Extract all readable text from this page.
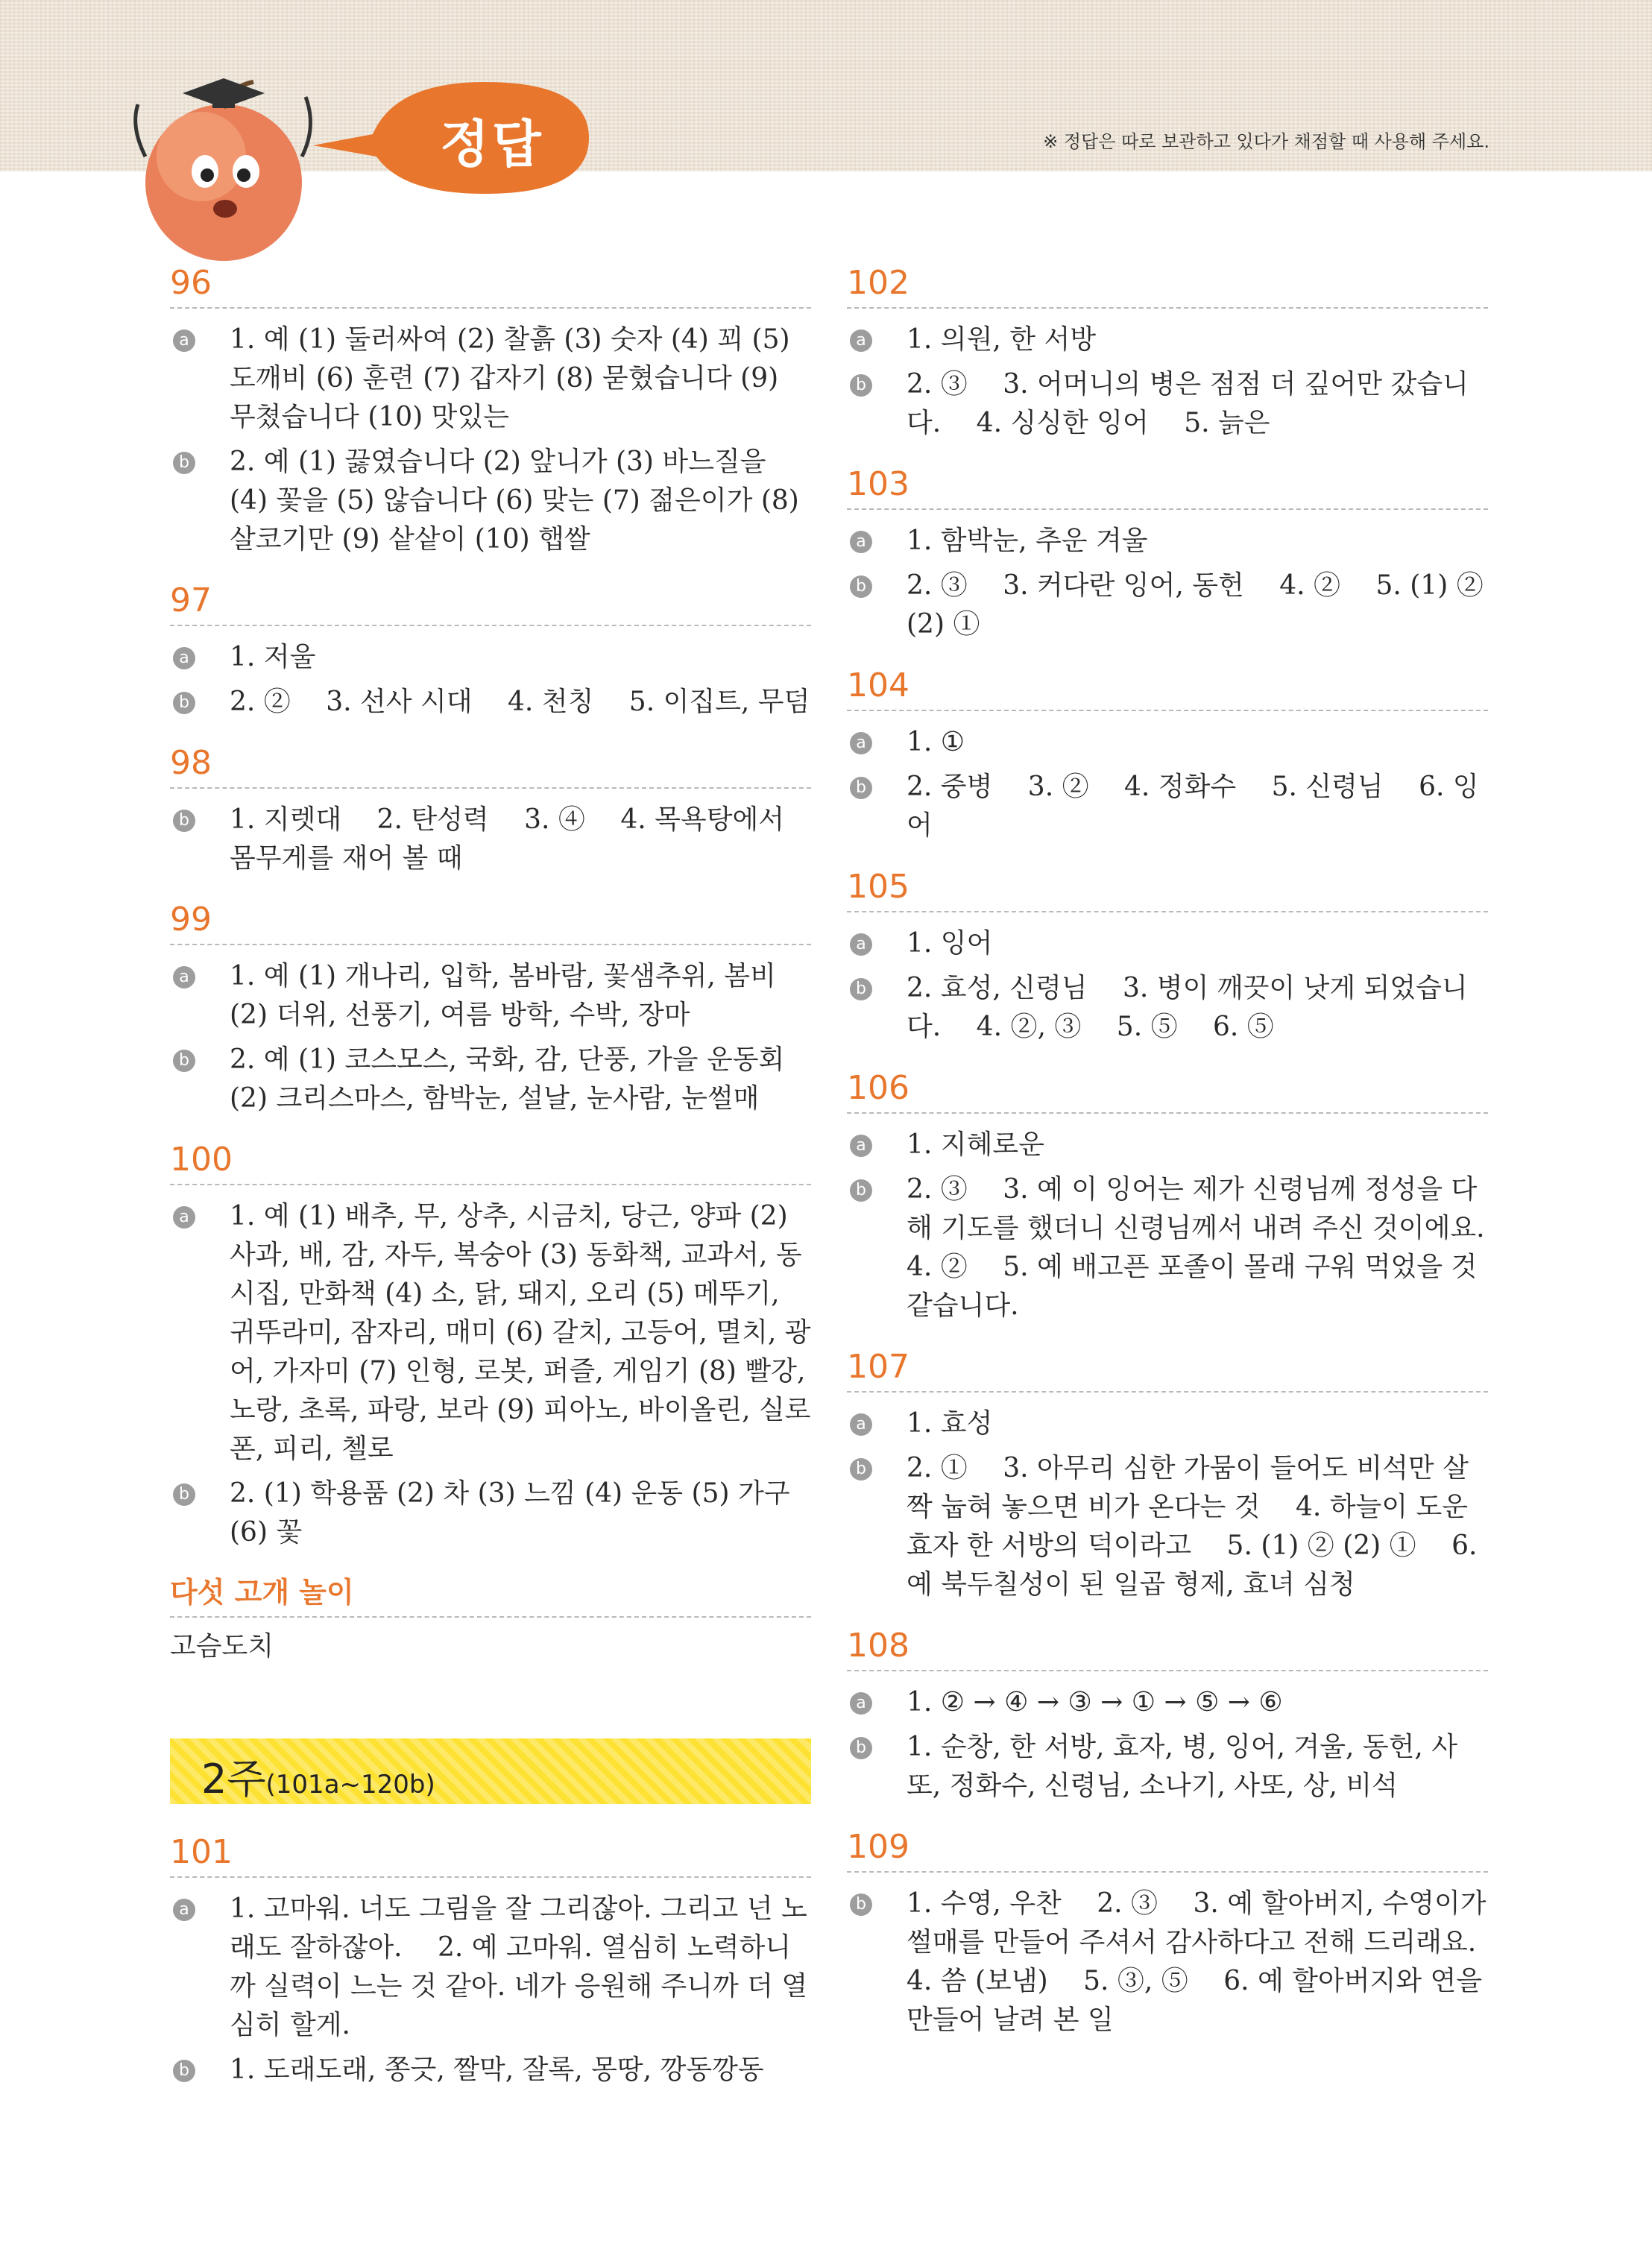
정답	※ 정답은 따로 보관하고 있다가 채점할 때 사용해 주세요.
96
a 1. 예 (1) 둘러싸여 (2) 찰흙 (3) 숫자 (4) 꾀 (5) 도깨비 (6) 훈련 (7) 갑자기 (8) 묻혔습니다 (9) 무쳤습니다 (10) 맛있는
b 2. 예 (1) 끓였습니다 (2) 앞니가 (3) 바느질을 (4) 꽃을 (5) 않습니다 (6) 맞는 (7) 젊은이가 (8) 살코기만 (9) 샅샅이 (10) 햅쌀
97
a 1. 저울
b 2. ②　 3. 선사 시대　 4. 천칭　 5. 이집트, 무덤
98
b 1. 지렛대　 2. 탄성력　 3. ④　 4. 목욕탕에서 몸무게를 재어 볼 때
99
a 1. 예 (1) 개나리, 입학, 봄바람, 꽃샘추위, 봄비 (2) 더위, 선풍기, 여름 방학, 수박, 장마
b 2. 예 (1) 코스모스, 국화, 감, 단풍, 가을 운동회 (2) 크리스마스, 함박눈, 설날, 눈사람, 눈썰매
100
a 1. 예 (1) 배추, 무, 상추, 시금치, 당근, 양파 (2) 사과, 배, 감, 자두, 복숭아 (3) 동화책, 교과서, 동시집, 만화책 (4) 소, 닭, 돼지, 오리 (5) 메뚜기, 귀뚜라미, 잠자리, 매미 (6) 갈치, 고등어, 멸치, 광어, 가자미 (7) 인형, 로봇, 퍼즐, 게임기 (8) 빨강, 노랑, 초록, 파랑, 보라 (9) 피아노, 바이올린, 실로폰, 피리, 첼로
b 2. (1) 학용품 (2) 차 (3) 느낌 (4) 운동 (5) 가구 (6) 꽃
다섯 고개 놀이
고슴도치
2주(101a~120b)
101
a 1. 고마워. 너도 그림을 잘 그리잖아. 그리고 넌 노래도 잘하잖아.　 2. 예 고마워. 열심히 노력하니까 실력이 느는 것 같아. 네가 응원해 주니까 더 열심히 할게.
b 1. 도래도래, 쫑긋, 짤막, 잘록, 몽땅, 깡동깡동
102
a 1. 의원, 한 서방
b 2. ③　 3. 어머니의 병은 점점 더 깊어만 갔습니다.　 4. 싱싱한 잉어　 5. 늙은
103
a 1. 함박눈, 추운 겨울
b 2. ③　 3. 커다란 잉어, 동헌　 4. ②　 5. (1) ② (2) ①
104
a 1. ①
b 2. 중병　 3. ②　 4. 정화수　 5. 신령님　 6. 잉어
105
a 1. 잉어
b 2. 효성, 신령님　 3. 병이 깨끗이 낫게 되었습니다.　 4. ②, ③　 5. ⑤　 6. ⑤
106
a 1. 지혜로운
b 2. ③　 3. 예 이 잉어는 제가 신령님께 정성을 다해 기도를 했더니 신령님께서 내려 주신 것이에요.　 4. ②　 5. 예 배고픈 포졸이 몰래 구워 먹었을 것 같습니다.
107
a 1. 효성
b 2. ①　 3. 아무리 심한 가뭄이 들어도 비석만 살짝 눕혀 놓으면 비가 온다는 것　 4. 하늘이 도운 효자 한 서방의 덕이라고　 5. (1) ② (2) ①　 6. 예 북두칠성이 된 일곱 형제, 효녀 심청
108
a 1. ② → ④ → ③ → ① → ⑤ → ⑥
b 1. 순창, 한 서방, 효자, 병, 잉어, 겨울, 동헌, 사또, 정화수, 신령님, 소나기, 사또, 상, 비석
109
b 1. 수영, 우찬　 2. ③　 3. 예 할아버지, 수영이가 썰매를 만들어 주셔서 감사하다고 전해 드리래요.　 4. 씀 (보냄)　 5. ③, ⑤　 6. 예 할아버지와 연을 만들어 날려 본 일
